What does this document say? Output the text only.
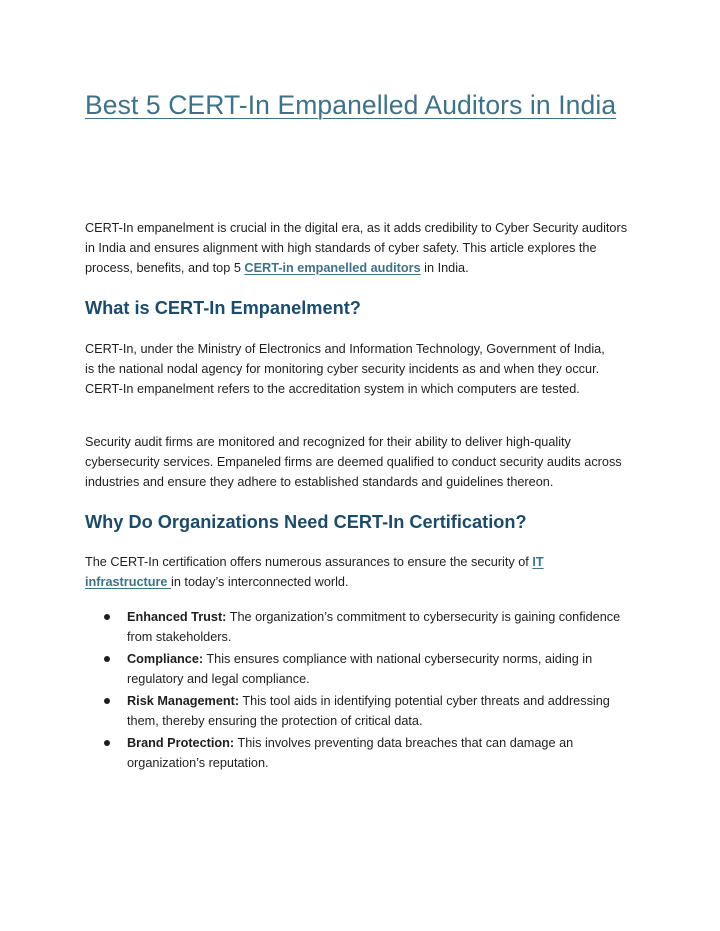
Best 5 CERT-In Empanelled Auditors in India

CERT-In empanelment is crucial in the digital era, as it adds credibility to Cyber Security auditors in India and ensures alignment with high standards of cyber safety. This article explores the process, benefits, and top 5 CERT-in empanelled auditors in India.

What is CERT-In Empanelment?

CERT-In, under the Ministry of Electronics and Information Technology, Government of India, is the national nodal agency for monitoring cyber security incidents as and when they occur. CERT-In empanelment refers to the accreditation system in which computers are tested.

Security audit firms are monitored and recognized for their ability to deliver high-quality cybersecurity services. Empaneled firms are deemed qualified to conduct security audits across industries and ensure they adhere to established standards and guidelines thereon.

Why Do Organizations Need CERT-In Certification?

The CERT-In certification offers numerous assurances to ensure the security of IT infrastructure in today’s interconnected world.

Enhanced Trust: The organization’s commitment to cybersecurity is gaining confidence from stakeholders.
Compliance: This ensures compliance with national cybersecurity norms, aiding in regulatory and legal compliance.
Risk Management: This tool aids in identifying potential cyber threats and addressing them, thereby ensuring the protection of critical data.
Brand Protection: This involves preventing data breaches that can damage an organization’s reputation.
